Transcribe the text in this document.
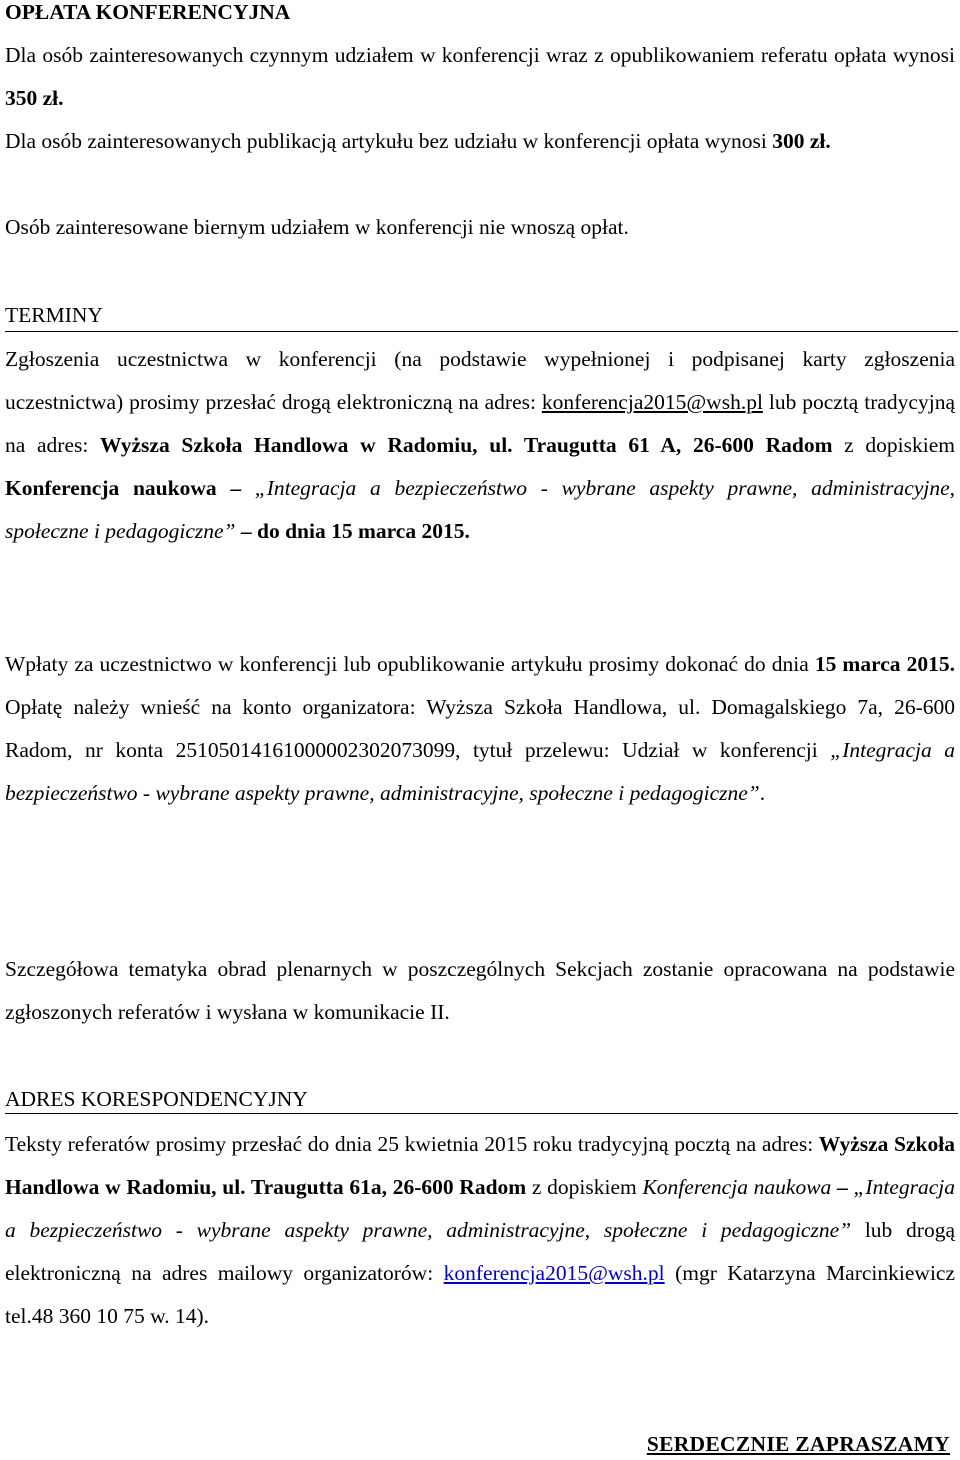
OPŁATA KONFERENCYJNA

Dla osób zainteresowanych czynnym udziałem w konferencji wraz z opublikowaniem referatu opłata wynosi 350 zł.

Dla osób zainteresowanych publikacją artykułu bez udziału w konferencji opłata wynosi 300 zł.

Osób zainteresowane biernym udziałem w konferencji nie wnoszą opłat.

TERMINY

Zgłoszenia uczestnictwa w konferencji (na podstawie wypełnionej i podpisanej karty zgłoszenia uczestnictwa) prosimy przesłać drogą elektroniczną na adres: konferencja2015@wsh.pl lub pocztą tradycyjną na adres: Wyższa Szkoła Handlowa w Radomiu, ul. Traugutta 61 A, 26-600 Radom z dopiskiem Konferencja naukowa – „Integracja a bezpieczeństwo - wybrane aspekty prawne, administracyjne, społeczne i pedagogiczne” – do dnia 15 marca 2015.

Wpłaty za uczestnictwo w konferencji lub opublikowanie artykułu prosimy dokonać do dnia 15 marca 2015. Opłatę należy wnieść na konto organizatora: Wyższa Szkoła Handlowa, ul. Domagalskiego 7a, 26-600 Radom, nr konta 25105014161000002302073099, tytuł przelewu: Udział w konferencji „Integracja a bezpieczeństwo - wybrane aspekty prawne, administracyjne, społeczne i pedagogiczne”.

Szczegółowa tematyka obrad plenarnych w poszczególnych Sekcjach zostanie opracowana na podstawie zgłoszonych referatów i wysłana w komunikacie II.

ADRES KORESPONDENCYJNY

Teksty referatów prosimy przesłać do dnia 25 kwietnia 2015 roku tradycyjną pocztą na adres: Wyższa Szkoła Handlowa w Radomiu, ul. Traugutta 61a, 26-600 Radom z dopiskiem Konferencja naukowa – „Integracja a bezpieczeństwo - wybrane aspekty prawne, administracyjne, społeczne i pedagogiczne” lub drogą elektroniczną na adres mailowy organizatorów: konferencja2015@wsh.pl (mgr Katarzyna Marcinkiewicz tel.48 360 10 75 w. 14).

SERDECZNIE ZAPRASZAMY
